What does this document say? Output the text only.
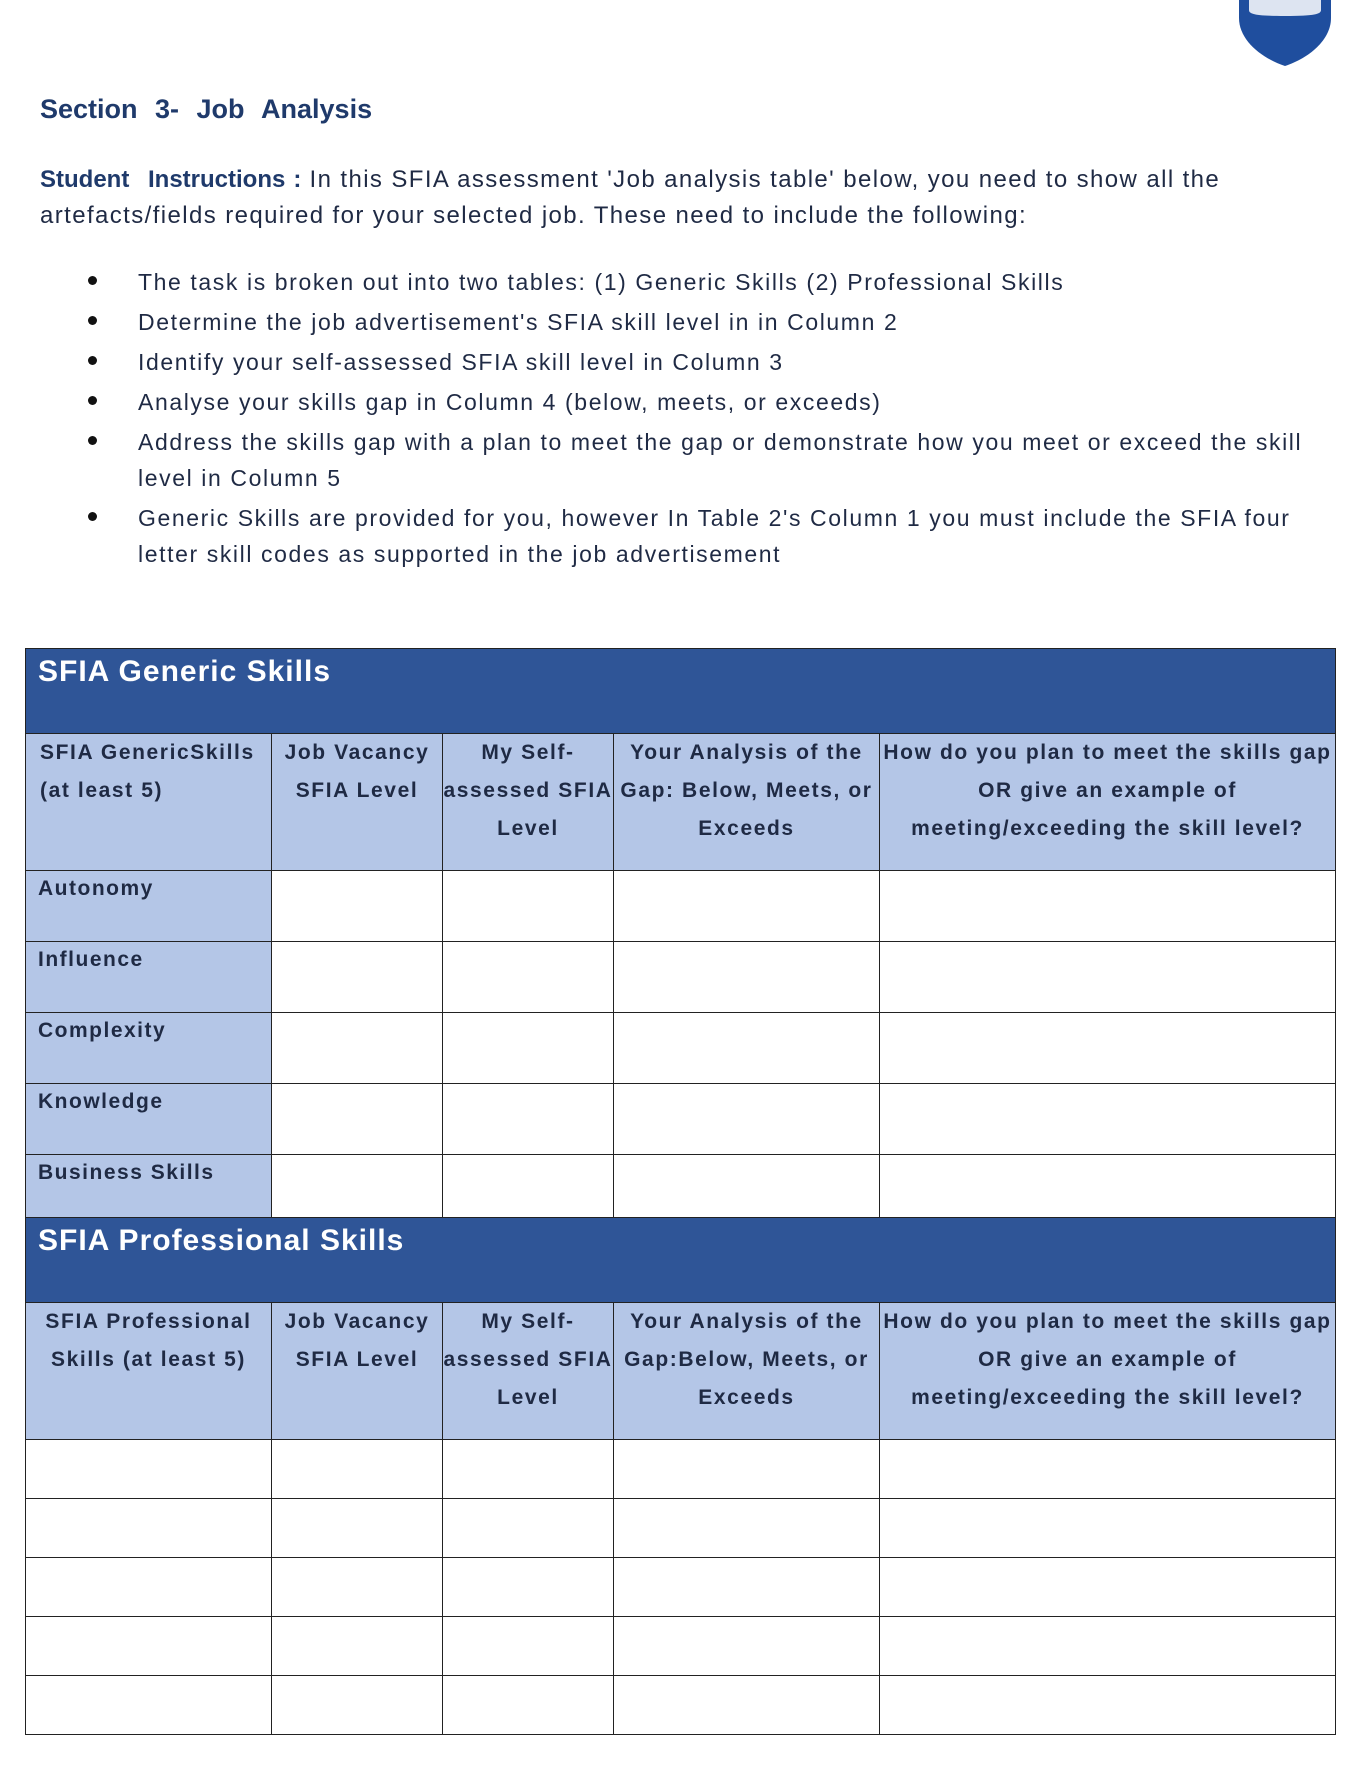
Section 3- Job Analysis
Student Instructions : In this SFIA assessment 'Job analysis table' below, you need to show all the artefacts/fields required for your selected job. These need to include the following:
The task is broken out into two tables: (1) Generic Skills (2) Professional Skills
Determine the job advertisement's SFIA skill level in in Column 2
Identify your self-assessed SFIA skill level in Column 3
Analyse your skills gap in Column 4 (below, meets, or exceeds)
Address the skills gap with a plan to meet the gap or demonstrate how you meet or exceed the skill level in Column 5
Generic Skills are provided for you, however In Table 2's Column 1 you must include the SFIA four letter skill codes as supported in the job advertisement
SFIA Generic Skills				
SFIA GenericSkills (at least 5)	Job Vacancy SFIA Level	My Self-assessed SFIA Level	Your Analysis of the Gap: Below, Meets, or Exceeds	How do you plan to meet the skills gap OR give an example of meeting/exceeding the skill level?
Autonomy				
Influence				
Complexity				
Knowledge				
Business Skills				
SFIA Professional Skills				
SFIA Professional Skills (at least 5)	Job Vacancy SFIA Level	My Self-assessed SFIA Level	Your Analysis of the Gap:Below, Meets, or Exceeds	How do you plan to meet the skills gap OR give an example of meeting/exceeding the skill level?
